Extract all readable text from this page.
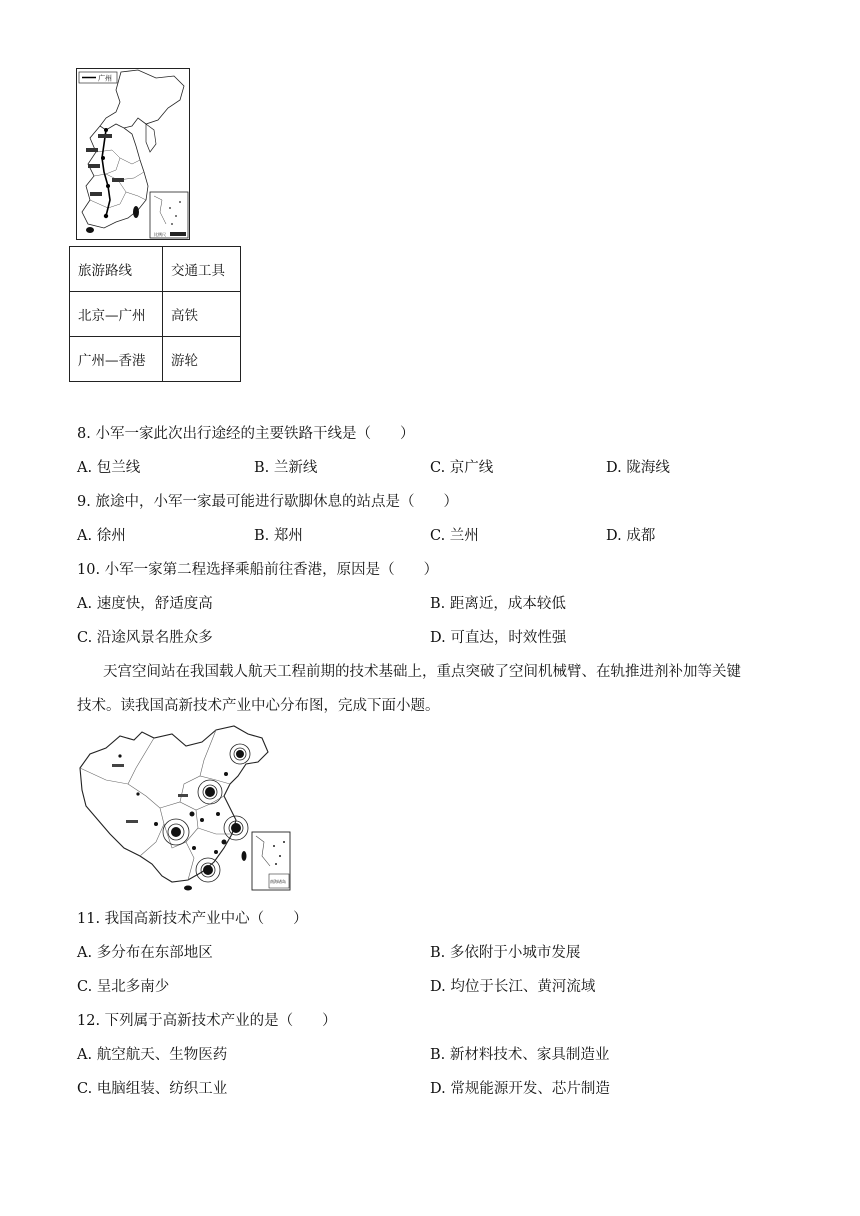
广州
比例尺
旅游路线	交通工具
北京—广州	高铁
广州—香港	游轮
8. 小军一家此次出行途经的主要铁路干线是（　　）
A. 包兰线	B. 兰新线	C. 京广线	D. 陇海线
9. 旅途中，小军一家最可能进行歇脚休息的站点是（　　）
A. 徐州	B. 郑州	C. 兰州	D. 成都
10. 小军一家第二程选择乘船前往香港，原因是（　　）
A. 速度快，舒适度高	B. 距离近，成本较低
C. 沿途风景名胜众多	D. 可直达，时效性强
天宫空间站在我国载人航天工程前期的技术基础上，重点突破了空间机械臂、在轨推进剂补加等关键
技术。读我国高新技术产业中心分布图，完成下面小题。
南海诸岛
11. 我国高新技术产业中心（　　）
A. 多分布在东部地区	B. 多依附于小城市发展
C. 呈北多南少	D. 均位于长江、黄河流域
12. 下列属于高新技术产业的是（　　）
A. 航空航天、生物医药	B. 新材料技术、家具制造业
C. 电脑组装、纺织工业	D. 常规能源开发、芯片制造
